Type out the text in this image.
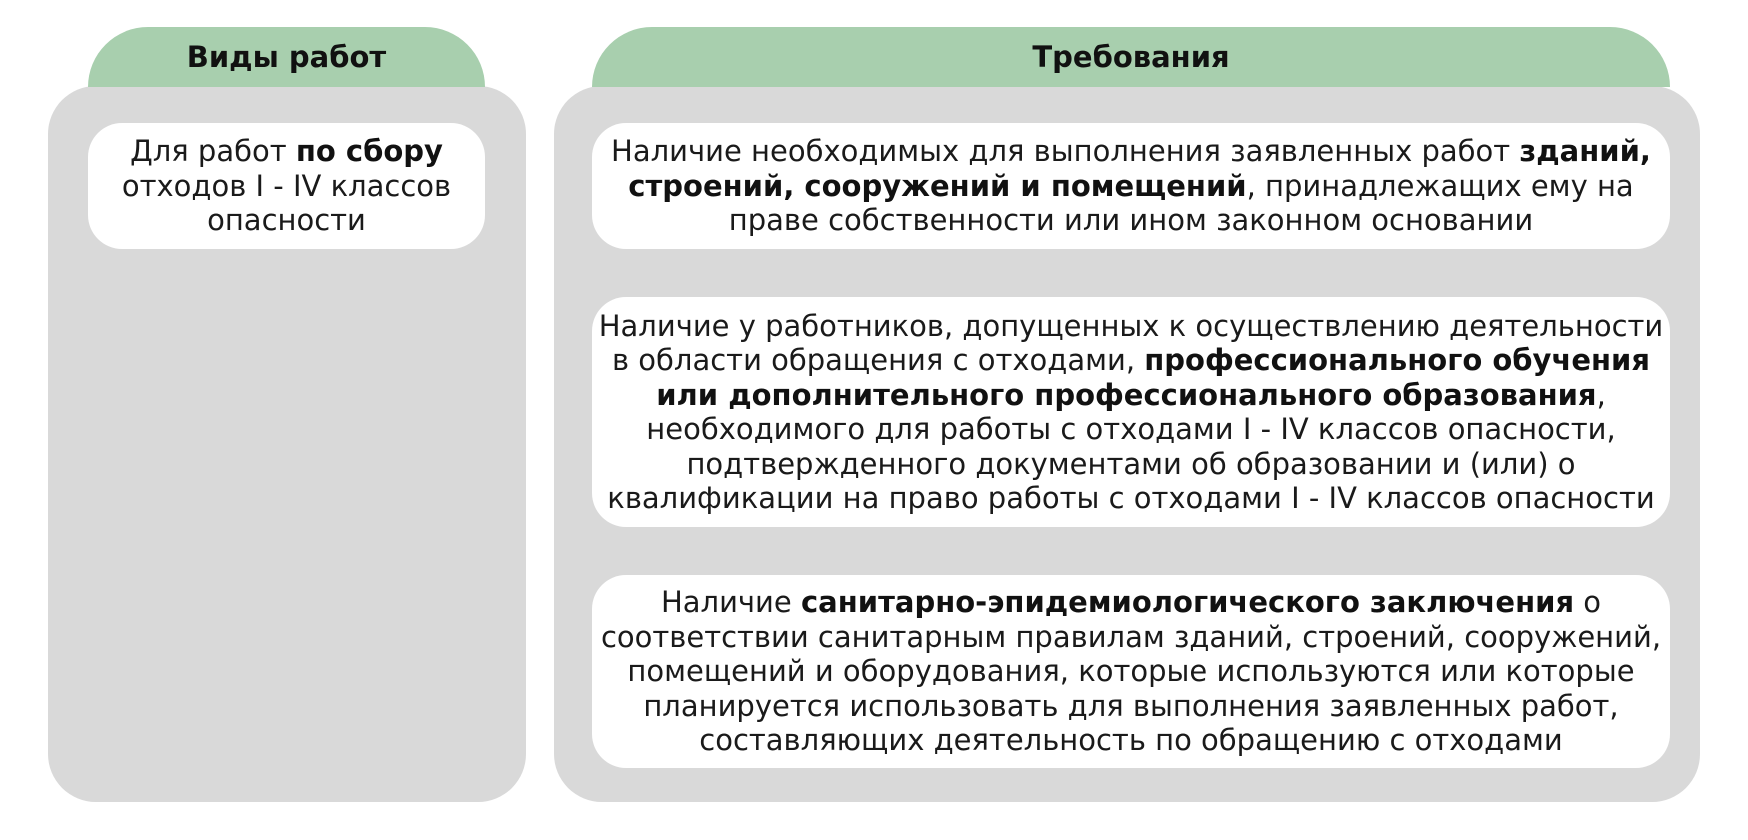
Виды работ
Для работ по сбору отходов I - IV классов опасности
Требования
Наличие необходимых для выполнения заявленных работ зданий, строений, сооружений и помещений, принадлежащих ему на праве собственности или ином законном основании
Наличие у работников, допущенных к осуществлению деятельности в области обращения с отходами, профессионального обучения или дополнительного профессионального образования, необходимого для работы с отходами I - IV классов опасности, подтвержденного документами об образовании и (или) о квалификации на право работы с отходами I - IV классов опасности
Наличие санитарно-эпидемиологического заключения о соответствии санитарным правилам зданий, строений, сооружений, помещений и оборудования, которые используются или которые планируется использовать для выполнения заявленных работ, составляющих деятельность по обращению с отходами
